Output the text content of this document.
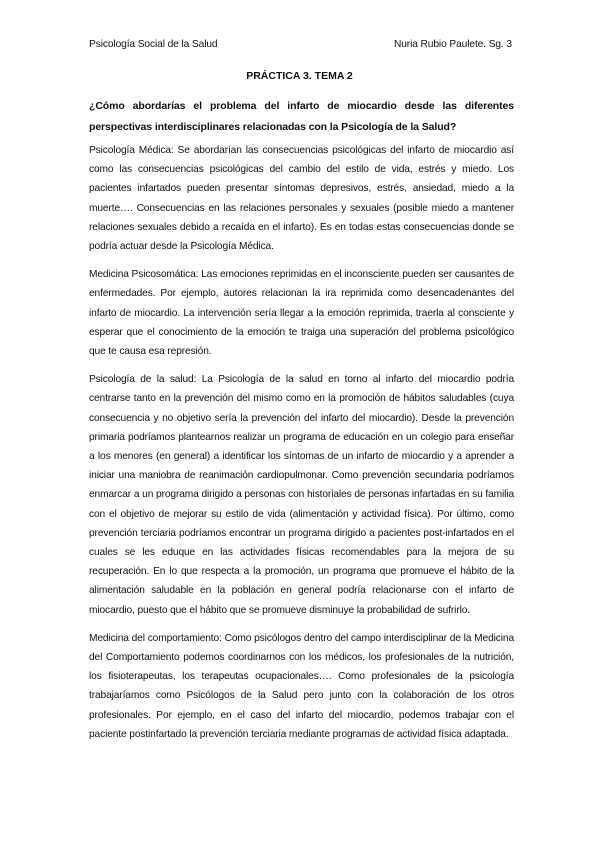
Psicología Social de la Salud	Nuria Rubio Paulete. Sg. 3
PRÁCTICA 3. TEMA 2

¿Cómo abordarías el problema del infarto de miocardio desde las diferentes perspectivas interdisciplinares relacionadas con la Psicología de la Salud?

Psicología Médica: Se abordarían las consecuencias psicológicas del infarto de miocardio así como las consecuencias psicológicas del cambio del estilo de vida, estrés y miedo. Los pacientes infartados pueden presentar síntomas depresivos, estrés, ansiedad, miedo a la muerte…. Consecuencias en las relaciones personales y sexuales (posible miedo a mantener relaciones sexuales debido a recaída en el infarto). Es en todas estas consecuencias donde se podría actuar desde la Psicología Médica.

Medicina Psicosomática: Las emociones reprimidas en el inconsciente pueden ser causantes de enfermedades. Por ejemplo, autores relacionan la ira reprimida como desencadenantes del infarto de miocardio. La intervención sería llegar a la emoción reprimida, traerla al consciente y esperar que el conocimiento de la emoción te traiga una superación del problema psicológico que te causa esa represión.

Psicología de la salud: La Psicología de la salud en torno al infarto del miocardio podría centrarse tanto en la prevención del mismo como en la promoción de hábitos saludables (cuya consecuencia y no objetivo sería la prevención del infarto del miocardio). Desde la prevención primaria podríamos plantearnos realizar un programa de educación en un colegio para enseñar a los menores (en general) a identificar los síntomas de un infarto de miocardio y a aprender a iniciar una maniobra de reanimación cardiopulmonar. Como prevención secundaria podríamos enmarcar a un programa dirigido a personas con historiales de personas infartadas en su familia con el objetivo de mejorar su estilo de vida (alimentación y actividad física). Por último, como prevención terciaria podríamos encontrar un programa dirigido a pacientes post-infartados en el cuales se les eduque en las actividades físicas recomendables para la mejora de su recuperación. En lo que respecta a la promoción, un programa que promueve el hábito de la alimentación saludable en la población en general podría relacionarse con el infarto de miocardio, puesto que el hábito que se promueve disminuye la probabilidad de sufrirlo.

Medicina del comportamiento: Como psicólogos dentro del campo interdisciplinar de la Medicina del Comportamiento podemos coordinarnos con los médicos, los profesionales de la nutrición, los fisioterapeutas, los terapeutas ocupacionales…. Como profesionales de la psicología trabajaríamos como Psicólogos de la Salud pero junto con la colaboración de los otros profesionales. Por ejemplo, en el caso del infarto del miocardio, podemos trabajar con el paciente postinfartado la prevención terciaria mediante programas de actividad física adaptada.
